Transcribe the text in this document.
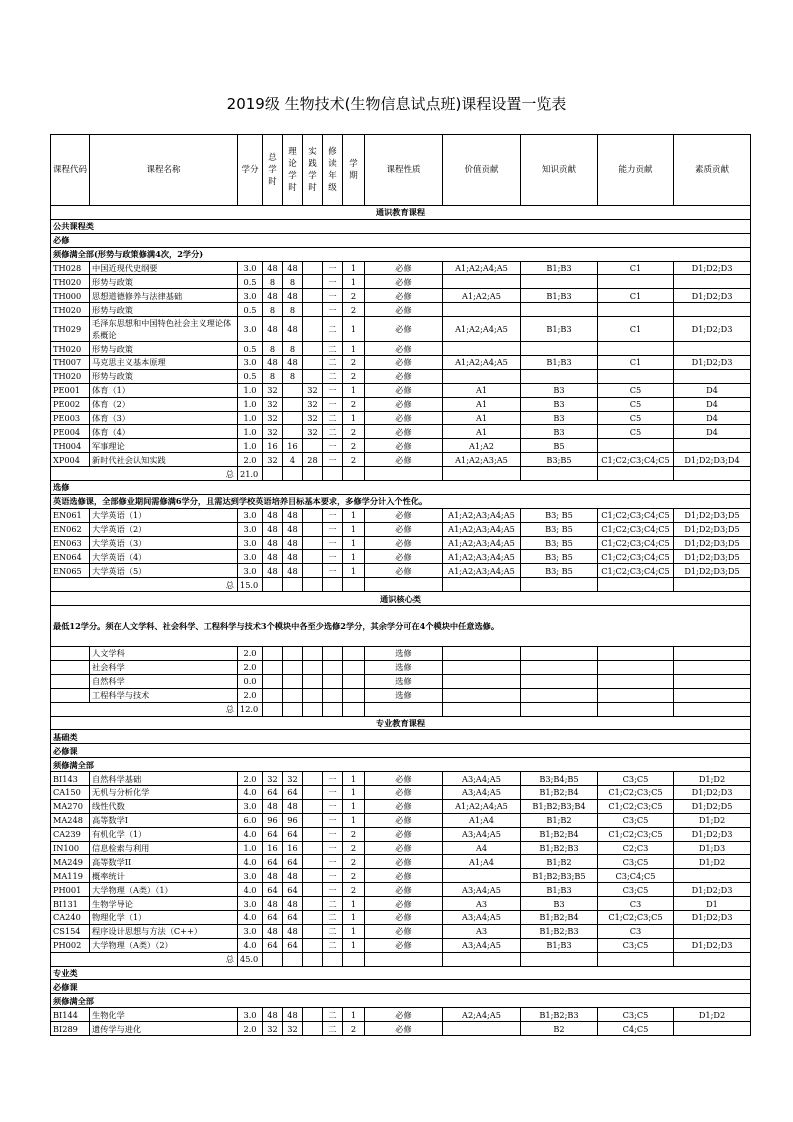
2019级 生物技术(生物信息试点班)课程设置一览表
课程代码	课程名称	学分	总学时	理论学时	实践学时	修读年级	学期	课程性质	价值贡献	知识贡献	能力贡献	素质贡献
通识教育课程												
公共课程类												
必修												
须修满全部(形势与政策修满4次，2学分)												
TH028	中国近现代史纲要	3.0	48	48		一	1	必修	A1;A2;A4;A5	B1;B3	C1	D1;D2;D3
TH020	形势与政策	0.5	8	8		一	1	必修				
TH000	思想道德修养与法律基础	3.0	48	48		一	2	必修	A1;A2;A5	B1;B3	C1	D1;D2;D3
TH020	形势与政策	0.5	8	8		一	2	必修				
TH029	毛泽东思想和中国特色社会主义理论体系概论	3.0	48	48		二	1	必修	A1;A2;A4;A5	B1;B3	C1	D1;D2;D3
TH020	形势与政策	0.5	8	8		二	1	必修				
TH007	马克思主义基本原理	3.0	48	48		二	2	必修	A1;A2;A4;A5	B1;B3	C1	D1;D2;D3
TH020	形势与政策	0.5	8	8		二	2	必修				
PE001	体育（1）	1.0	32		32	一	1	必修	A1	B3	C5	D4
PE002	体育（2）	1.0	32		32	一	2	必修	A1	B3	C5	D4
PE003	体育（3）	1.0	32		32	二	1	必修	A1	B3	C5	D4
PE004	体育（4）	1.0	32		32	二	2	必修	A1	B3	C5	D4
TH004	军事理论	1.0	16	16		一	2	必修	A1;A2	B5		
XP004	新时代社会认知实践	2.0	32	4	28	一	2	必修	A1;A2;A3;A5	B3;B5	C1;C2;C3;C4;C5	D1;D2;D3;D4
总		21.0										
选修												
英语选修课，全部修业期间需修满6学分，且需达到学校英语培养目标基本要求，多修学分计入个性化。												
EN061	大学英语（1）	3.0	48	48		一	1	必修	A1;A2;A3;A4;A5	B3; B5	C1;C2;C3;C4;C5	D1;D2;D3;D5
EN062	大学英语（2）	3.0	48	48		一	1	必修	A1;A2;A3;A4;A5	B3; B5	C1;C2;C3;C4;C5	D1;D2;D3;D5
EN063	大学英语（3）	3.0	48	48		一	1	必修	A1;A2;A3;A4;A5	B3; B5	C1;C2;C3;C4;C5	D1;D2;D3;D5
EN064	大学英语（4）	3.0	48	48		一	1	必修	A1;A2;A3;A4;A5	B3; B5	C1;C2;C3;C4;C5	D1;D2;D3;D5
EN065	大学英语（5）	3.0	48	48		一	1	必修	A1;A2;A3;A4;A5	B3; B5	C1;C2;C3;C4;C5	D1;D2;D3;D5
总		15.0										
通识核心类												
最低12学分。须在人文学科、社会科学、工程科学与技术3个模块中各至少选修2学分，其余学分可在4个模块中任意选修。												
	人文学科	2.0						选修				
	社会科学	2.0						选修				
	自然科学	0.0						选修				
	工程科学与技术	2.0						选修				
总		12.0										
专业教育课程												
基础类												
必修课												
须修满全部												
BI143	自然科学基础	2.0	32	32		一	1	必修	A3;A4;A5	B3;B4;B5	C3;C5	D1;D2
CA150	无机与分析化学	4.0	64	64		一	1	必修	A3;A4;A5	B1;B2;B4	C1;C2;C3;C5	D1;D2;D3
MA270	线性代数	3.0	48	48		一	1	必修	A1;A2;A4;A5	B1;B2;B3;B4	C1;C2;C3;C5	D1;D2;D5
MA248	高等数学I	6.0	96	96		一	1	必修	A1;A4	B1;B2	C3;C5	D1;D2
CA239	有机化学（1）	4.0	64	64		一	2	必修	A3;A4;A5	B1;B2;B4	C1;C2;C3;C5	D1;D2;D3
IN100	信息检索与利用	1.0	16	16		一	2	必修	A4	B1;B2;B3	C2;C3	D1;D3
MA249	高等数学II	4.0	64	64		一	2	必修	A1;A4	B1;B2	C3;C5	D1;D2
MA119	概率统计	3.0	48	48		一	2	必修		B1;B2;B3;B5	C3;C4;C5	
PH001	大学物理（A类）（1）	4.0	64	64		一	2	必修	A3;A4;A5	B1;B3	C3;C5	D1;D2;D3
BI131	生物学导论	3.0	48	48		二	1	必修	A3	B3	C3	D1
CA240	物理化学（1）	4.0	64	64		二	1	必修	A3;A4;A5	B1;B2;B4	C1;C2;C3;C5	D1;D2;D3
CS154	程序设计思想与方法（C++）	3.0	48	48		二	1	必修	A3	B1;B2;B3	C3	
PH002	大学物理（A类）（2）	4.0	64	64		二	1	必修	A3;A4;A5	B1;B3	C3;C5	D1;D2;D3
总		45.0										
专业类												
必修课												
须修满全部												
BI144	生物化学	3.0	48	48		二	1	必修	A2;A4;A5	B1;B2;B3	C3;C5	D1;D2
BI289	遗传学与进化	2.0	32	32		二	2	必修		B2	C4;C5	
